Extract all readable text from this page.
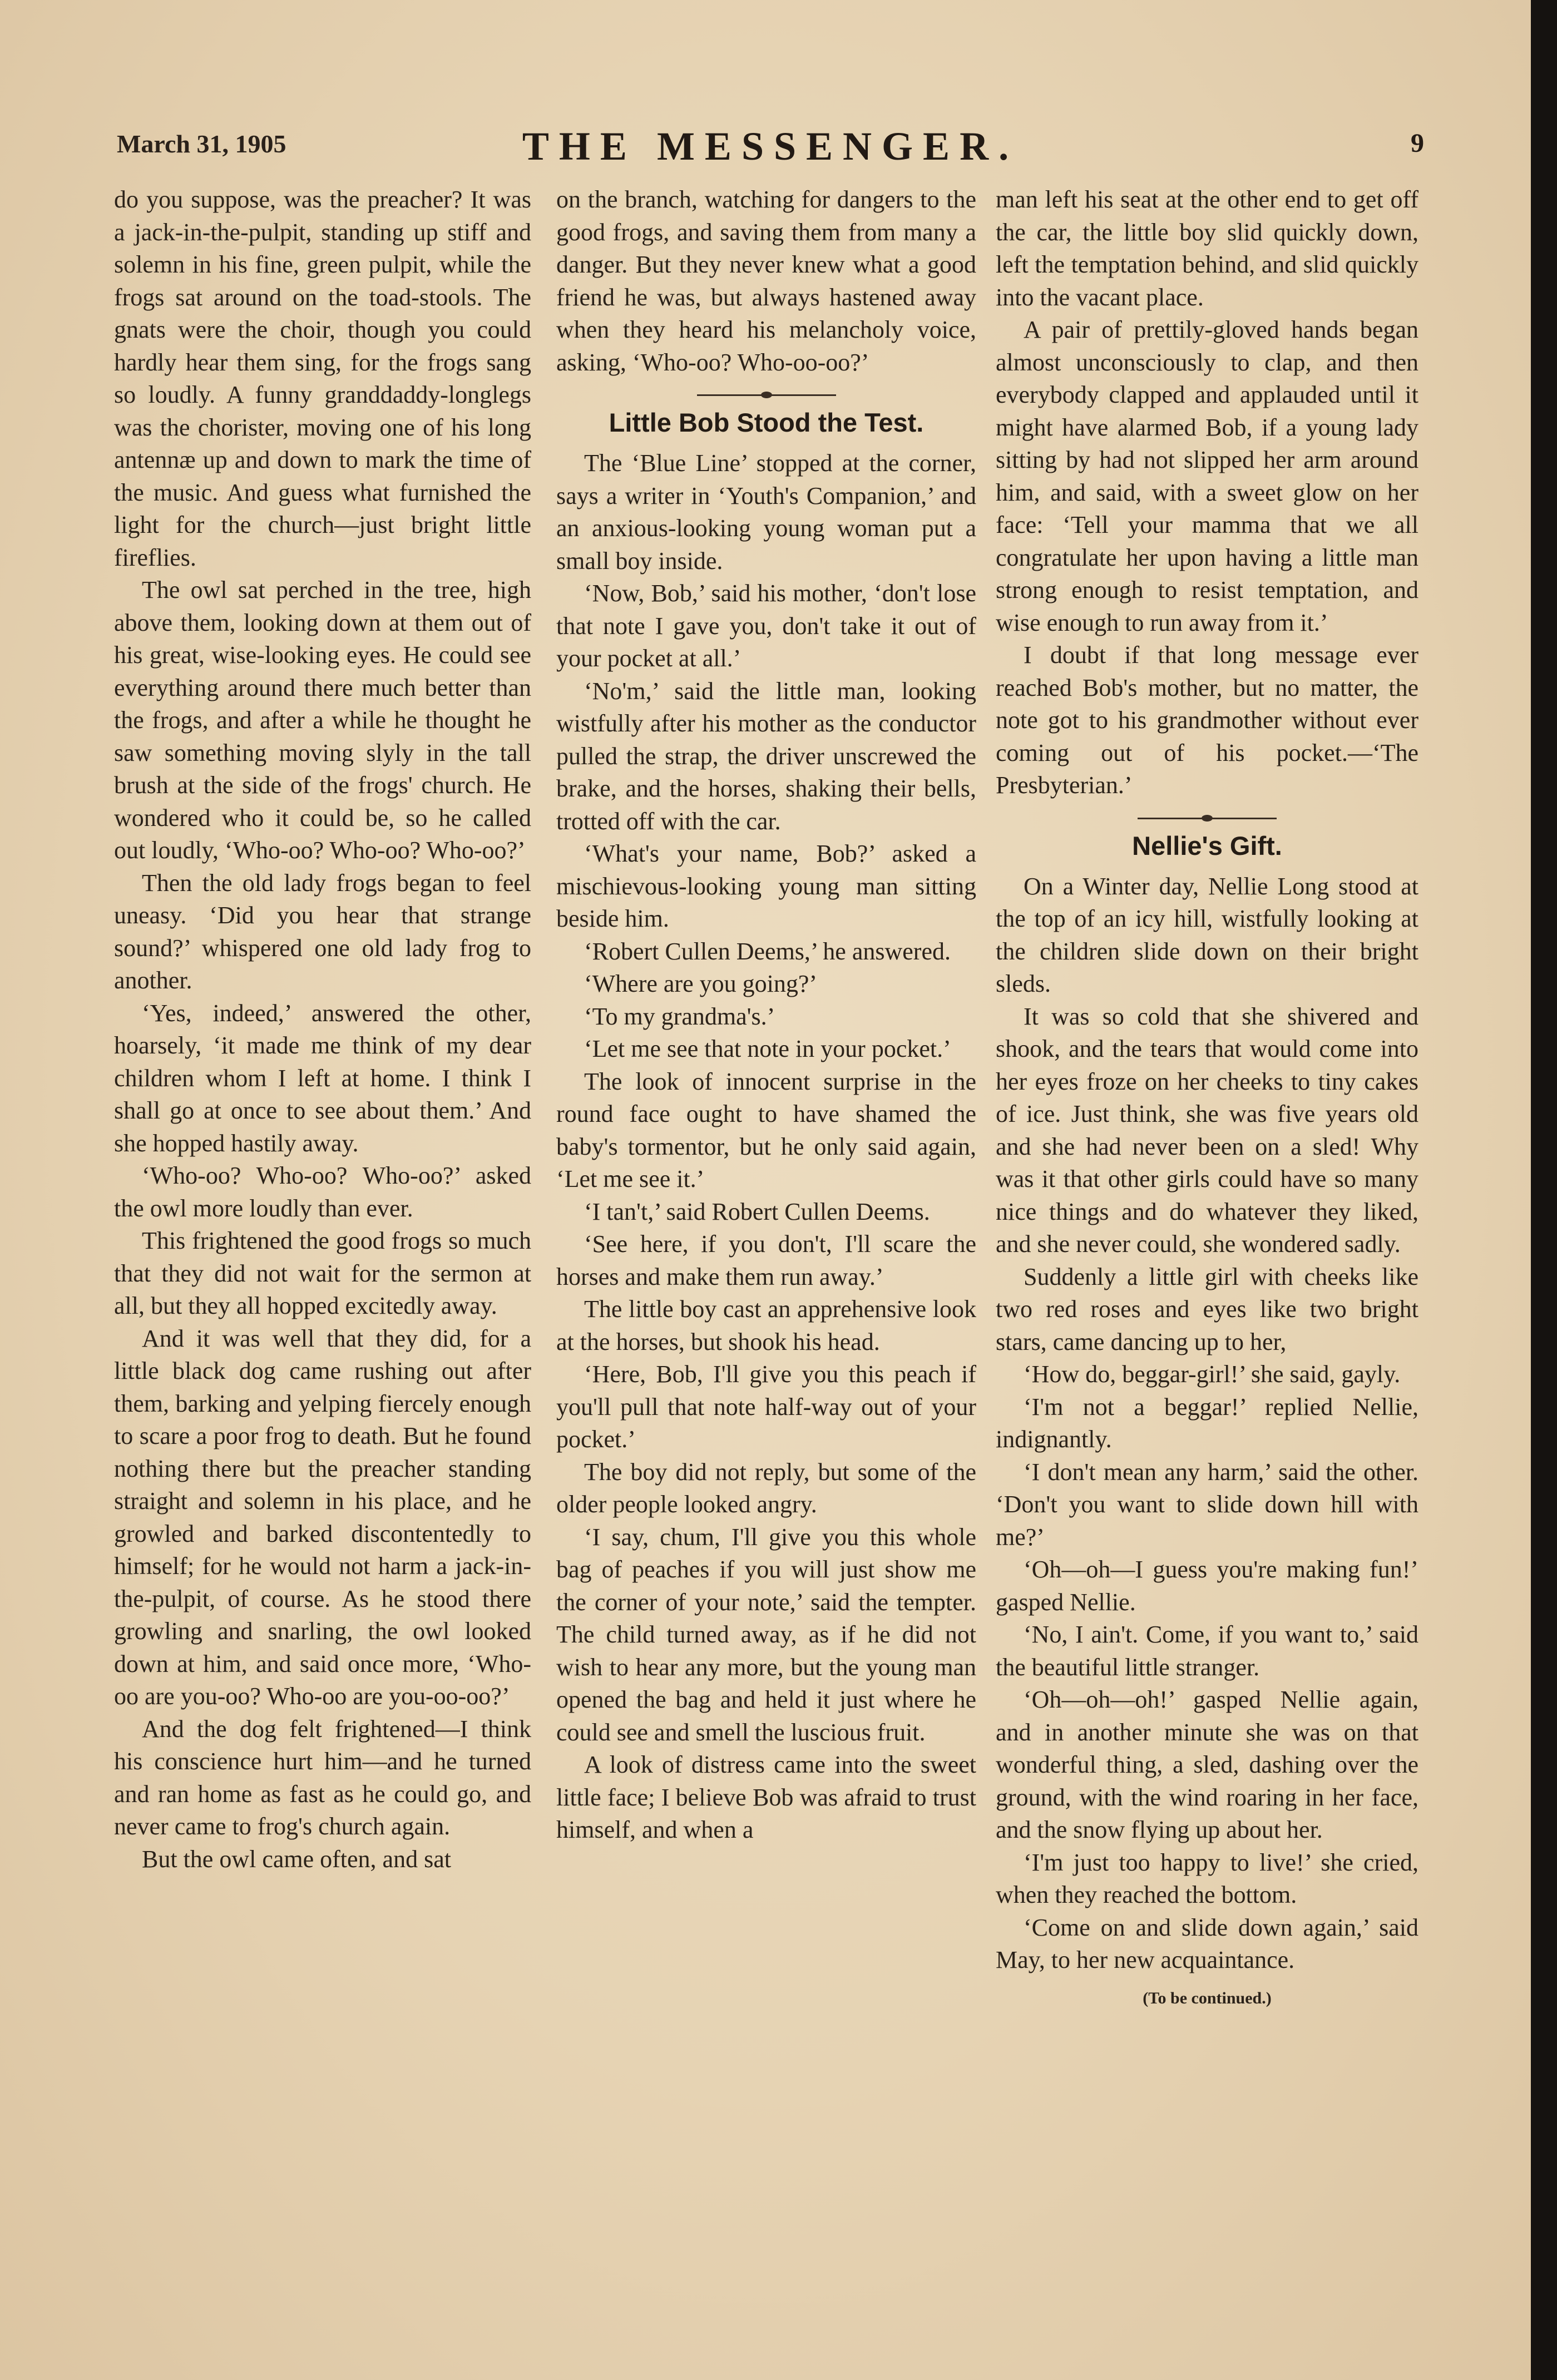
March 31, 1905	THE MESSENGER.	9

do you suppose, was the preacher? It was a jack-in-the-pulpit, standing up stiff and solemn in his fine, green pulpit, while the frogs sat around on the toad-stools. The gnats were the choir, though you could hardly hear them sing, for the frogs sang so loudly. A funny granddaddy-longlegs was the chorister, moving one of his long antennæ up and down to mark the time of the music. And guess what furnished the light for the church—just bright little fireflies.

The owl sat perched in the tree, high above them, looking down at them out of his great, wise-looking eyes. He could see everything around there much better than the frogs, and after a while he thought he saw something moving slyly in the tall brush at the side of the frogs' church. He wondered who it could be, so he called out loudly, ‘Who-oo? Who-oo? Who-oo?’

Then the old lady frogs began to feel uneasy. ‘Did you hear that strange sound?’ whispered one old lady frog to another.

‘Yes, indeed,’ answered the other, hoarsely, ‘it made me think of my dear children whom I left at home. I think I shall go at once to see about them.’ And she hopped hastily away.

‘Who-oo? Who-oo? Who-oo?’ asked the owl more loudly than ever.

This frightened the good frogs so much that they did not wait for the sermon at all, but they all hopped excitedly away.

And it was well that they did, for a little black dog came rushing out after them, barking and yelping fiercely enough to scare a poor frog to death. But he found nothing there but the preacher standing straight and solemn in his place, and he growled and barked discontentedly to himself; for he would not harm a jack-in-the-pulpit, of course. As he stood there growling and snarling, the owl looked down at him, and said once more, ‘Who-oo are you-oo? Who-oo are you-oo-oo?’

And the dog felt frightened—I think his conscience hurt him—and he turned and ran home as fast as he could go, and never came to frog's church again.

But the owl came often, and sat

on the branch, watching for dangers to the good frogs, and saving them from many a danger. But they never knew what a good friend he was, but always hastened away when they heard his melancholy voice, asking, ‘Who-oo? Who-oo-oo?’

Little Bob Stood the Test.

The ‘Blue Line’ stopped at the corner, says a writer in ‘Youth's Companion,’ and an anxious-looking young woman put a small boy inside.

‘Now, Bob,’ said his mother, ‘don't lose that note I gave you, don't take it out of your pocket at all.’

‘No'm,’ said the little man, looking wistfully after his mother as the conductor pulled the strap, the driver unscrewed the brake, and the horses, shaking their bells, trotted off with the car.

‘What's your name, Bob?’ asked a mischievous-looking young man sitting beside him.

‘Robert Cullen Deems,’ he answered.

‘Where are you going?’

‘To my grandma's.’

‘Let me see that note in your pocket.’

The look of innocent surprise in the round face ought to have shamed the baby's tormentor, but he only said again, ‘Let me see it.’

‘I tan't,’ said Robert Cullen Deems.

‘See here, if you don't, I'll scare the horses and make them run away.’

The little boy cast an apprehensive look at the horses, but shook his head.

‘Here, Bob, I'll give you this peach if you'll pull that note half-way out of your pocket.’

The boy did not reply, but some of the older people looked angry.

‘I say, chum, I'll give you this whole bag of peaches if you will just show me the corner of your note,’ said the tempter. The child turned away, as if he did not wish to hear any more, but the young man opened the bag and held it just where he could see and smell the luscious fruit.

A look of distress came into the sweet little face; I believe Bob was afraid to trust himself, and when a

man left his seat at the other end to get off the car, the little boy slid quickly down, left the temptation behind, and slid quickly into the vacant place.

A pair of prettily-gloved hands began almost unconsciously to clap, and then everybody clapped and applauded until it might have alarmed Bob, if a young lady sitting by had not slipped her arm around him, and said, with a sweet glow on her face: ‘Tell your mamma that we all congratulate her upon having a little man strong enough to resist temptation, and wise enough to run away from it.’

I doubt if that long message ever reached Bob's mother, but no matter, the note got to his grandmother without ever coming out of his pocket.—‘The Presbyterian.’

Nellie's Gift.

On a Winter day, Nellie Long stood at the top of an icy hill, wistfully looking at the children slide down on their bright sleds.

It was so cold that she shivered and shook, and the tears that would come into her eyes froze on her cheeks to tiny cakes of ice. Just think, she was five years old and she had never been on a sled! Why was it that other girls could have so many nice things and do whatever they liked, and she never could, she wondered sadly.

Suddenly a little girl with cheeks like two red roses and eyes like two bright stars, came dancing up to her,

‘How do, beggar-girl!’ she said, gayly.

‘I'm not a beggar!’ replied Nellie, indignantly.

‘I don't mean any harm,’ said the other. ‘Don't you want to slide down hill with me?’

‘Oh—oh—I guess you're making fun!’ gasped Nellie.

‘No, I ain't. Come, if you want to,’ said the beautiful little stranger.

‘Oh—oh—oh!’ gasped Nellie again, and in another minute she was on that wonderful thing, a sled, dashing over the ground, with the wind roaring in her face, and the snow flying up about her.

‘I'm just too happy to live!’ she cried, when they reached the bottom.

‘Come on and slide down again,’ said May, to her new acquaintance.

(To be continued.)
